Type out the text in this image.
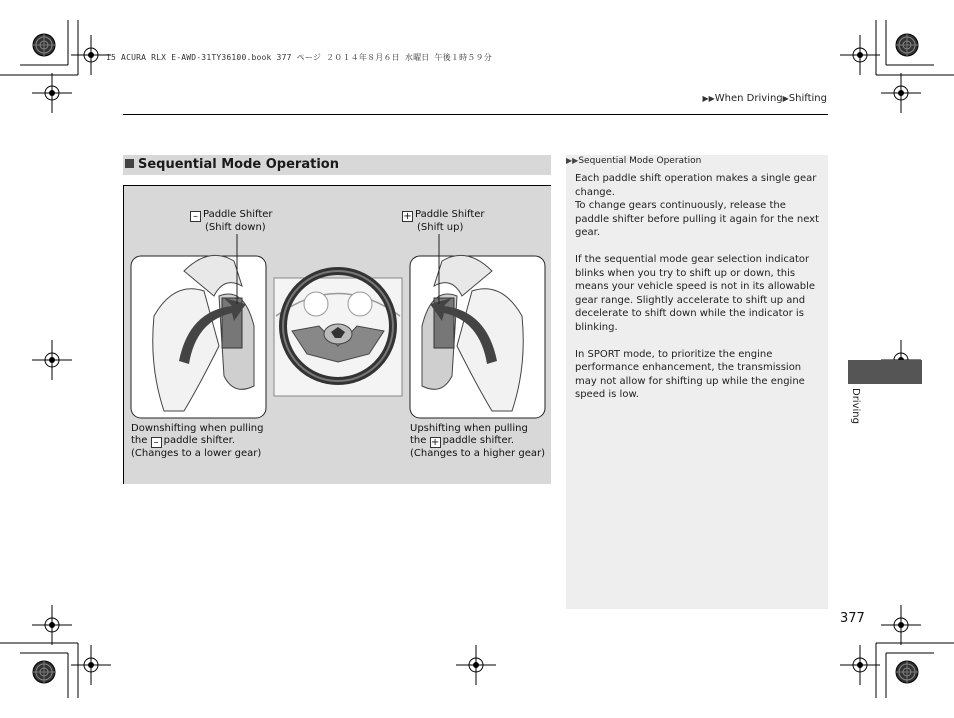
15 ACURA RLX E-AWD-31TY36100.book 377 ページ ２０１４年８月６日 水曜日 午後１時５９分
▶▶When Driving▶Shifting
Sequential Mode Operation
– Paddle Shifter
(Shift down)
+ Paddle Shifter
(Shift up)
Downshifting when pulling
the – paddle shifter.
(Changes to a lower gear)
Upshifting when pulling
the + paddle shifter.
(Changes to a higher gear)
▶▶Sequential Mode Operation

Each paddle shift operation makes a single gear change.
To change gears continuously, release the paddle shifter before pulling it again for the next gear.

If the sequential mode gear selection indicator blinks when you try to shift up or down, this means your vehicle speed is not in its allowable gear range. Slightly accelerate to shift up and decelerate to shift down while the indicator is blinking.

In SPORT mode, to prioritize the engine performance enhancement, the transmission may not allow for shifting up while the engine speed is low.	Driving
377
